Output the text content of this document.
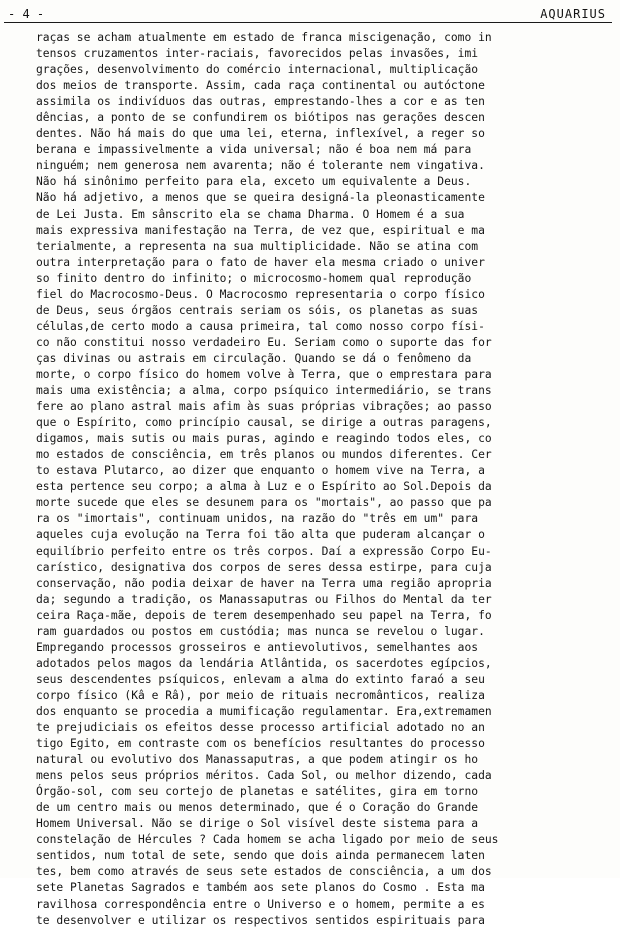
- 4 -	AQUARIUS
raças se acham atualmente em estado de franca miscigenação, como in
tensos cruzamentos inter-raciais, favorecidos pelas invasões, imi
grações, desenvolvimento do comércio internacional, multiplicação
dos meios de transporte. Assim, cada raça continental ou autóctone
assimila os indivíduos das outras, emprestando-lhes a cor e as ten
dências, a ponto de se confundirem os biótipos nas gerações descen
dentes. Não há mais do que uma lei, eterna, inflexível, a reger so
berana e impassivelmente a vida universal; não é boa nem má para
ninguém; nem generosa nem avarenta; não é tolerante nem vingativa.
Não há sinônimo perfeito para ela, exceto um equivalente a Deus.
Não há adjetivo, a menos que se queira designá-la pleonasticamente
de Lei Justa. Em sânscrito ela se chama Dharma. O Homem é a sua
mais expressiva manifestação na Terra, de vez que, espiritual e ma
terialmente, a representa na sua multiplicidade. Não se atina com
outra interpretação para o fato de haver ela mesma criado o univer
so finito dentro do infinito; o microcosmo-homem qual reprodução
fiel do Macrocosmo-Deus. O Macrocosmo representaria o corpo físico
de Deus, seus órgãos centrais seriam os sóis, os planetas as suas
células,de certo modo a causa primeira, tal como nosso corpo físi-
co não constitui nosso verdadeiro Eu. Seriam como o suporte das for
ças divinas ou astrais em circulação. Quando se dá o fenômeno da
morte, o corpo físico do homem volve à Terra, que o emprestara para
mais uma existência; a alma, corpo psíquico intermediário, se trans
fere ao plano astral mais afim às suas próprias vibrações; ao passo
que o Espírito, como princípio causal, se dirige a outras paragens,
digamos, mais sutis ou mais puras, agindo e reagindo todos eles, co
mo estados de consciência, em três planos ou mundos diferentes. Cer
to estava Plutarco, ao dizer que enquanto o homem vive na Terra, a
esta pertence seu corpo; a alma à Luz e o Espírito ao Sol.Depois da
morte sucede que eles se desunem para os "mortais", ao passo que pa
ra os "imortais", continuam unidos, na razão do "três em um" para
aqueles cuja evolução na Terra foi tão alta que puderam alcançar o
equilíbrio perfeito entre os três corpos. Daí a expressão Corpo Eu-
carístico, designativa dos corpos de seres dessa estirpe, para cuja
conservação, não podia deixar de haver na Terra uma região apropria
da; segundo a tradição, os Manassaputras ou Filhos do Mental da ter
ceira Raça-mãe, depois de terem desempenhado seu papel na Terra, fo
ram guardados ou postos em custódia; mas nunca se revelou o lugar.
Empregando processos grosseiros e antievolutivos, semelhantes aos
adotados pelos magos da lendária Atlântida, os sacerdotes egípcios,
seus descendentes psíquicos, enlevam a alma do extinto faraó a seu
corpo físico (Kâ e Râ), por meio de rituais necromânticos, realiza
dos enquanto se procedia a mumificação regulamentar. Era,extremamen
te prejudiciais os efeitos desse processo artificial adotado no an
tigo Egito, em contraste com os benefícios resultantes do processo
natural ou evolutivo dos Manassaputras, a que podem atingir os ho
mens pelos seus próprios méritos. Cada Sol, ou melhor dizendo, cada
Órgão-sol, com seu cortejo de planetas e satélites, gira em torno
de um centro mais ou menos determinado, que é o Coração do Grande
Homem Universal. Não se dirige o Sol visível deste sistema para a
constelação de Hércules ? Cada homem se acha ligado por meio de seus
sentidos, num total de sete, sendo que dois ainda permanecem laten
tes, bem como através de seus sete estados de consciência, a um dos
sete Planetas Sagrados e também aos sete planos do Cosmo . Esta ma
ravilhosa correspondência entre o Universo e o homem, permite a es
te desenvolver e utilizar os respectivos sentidos espirituais para
